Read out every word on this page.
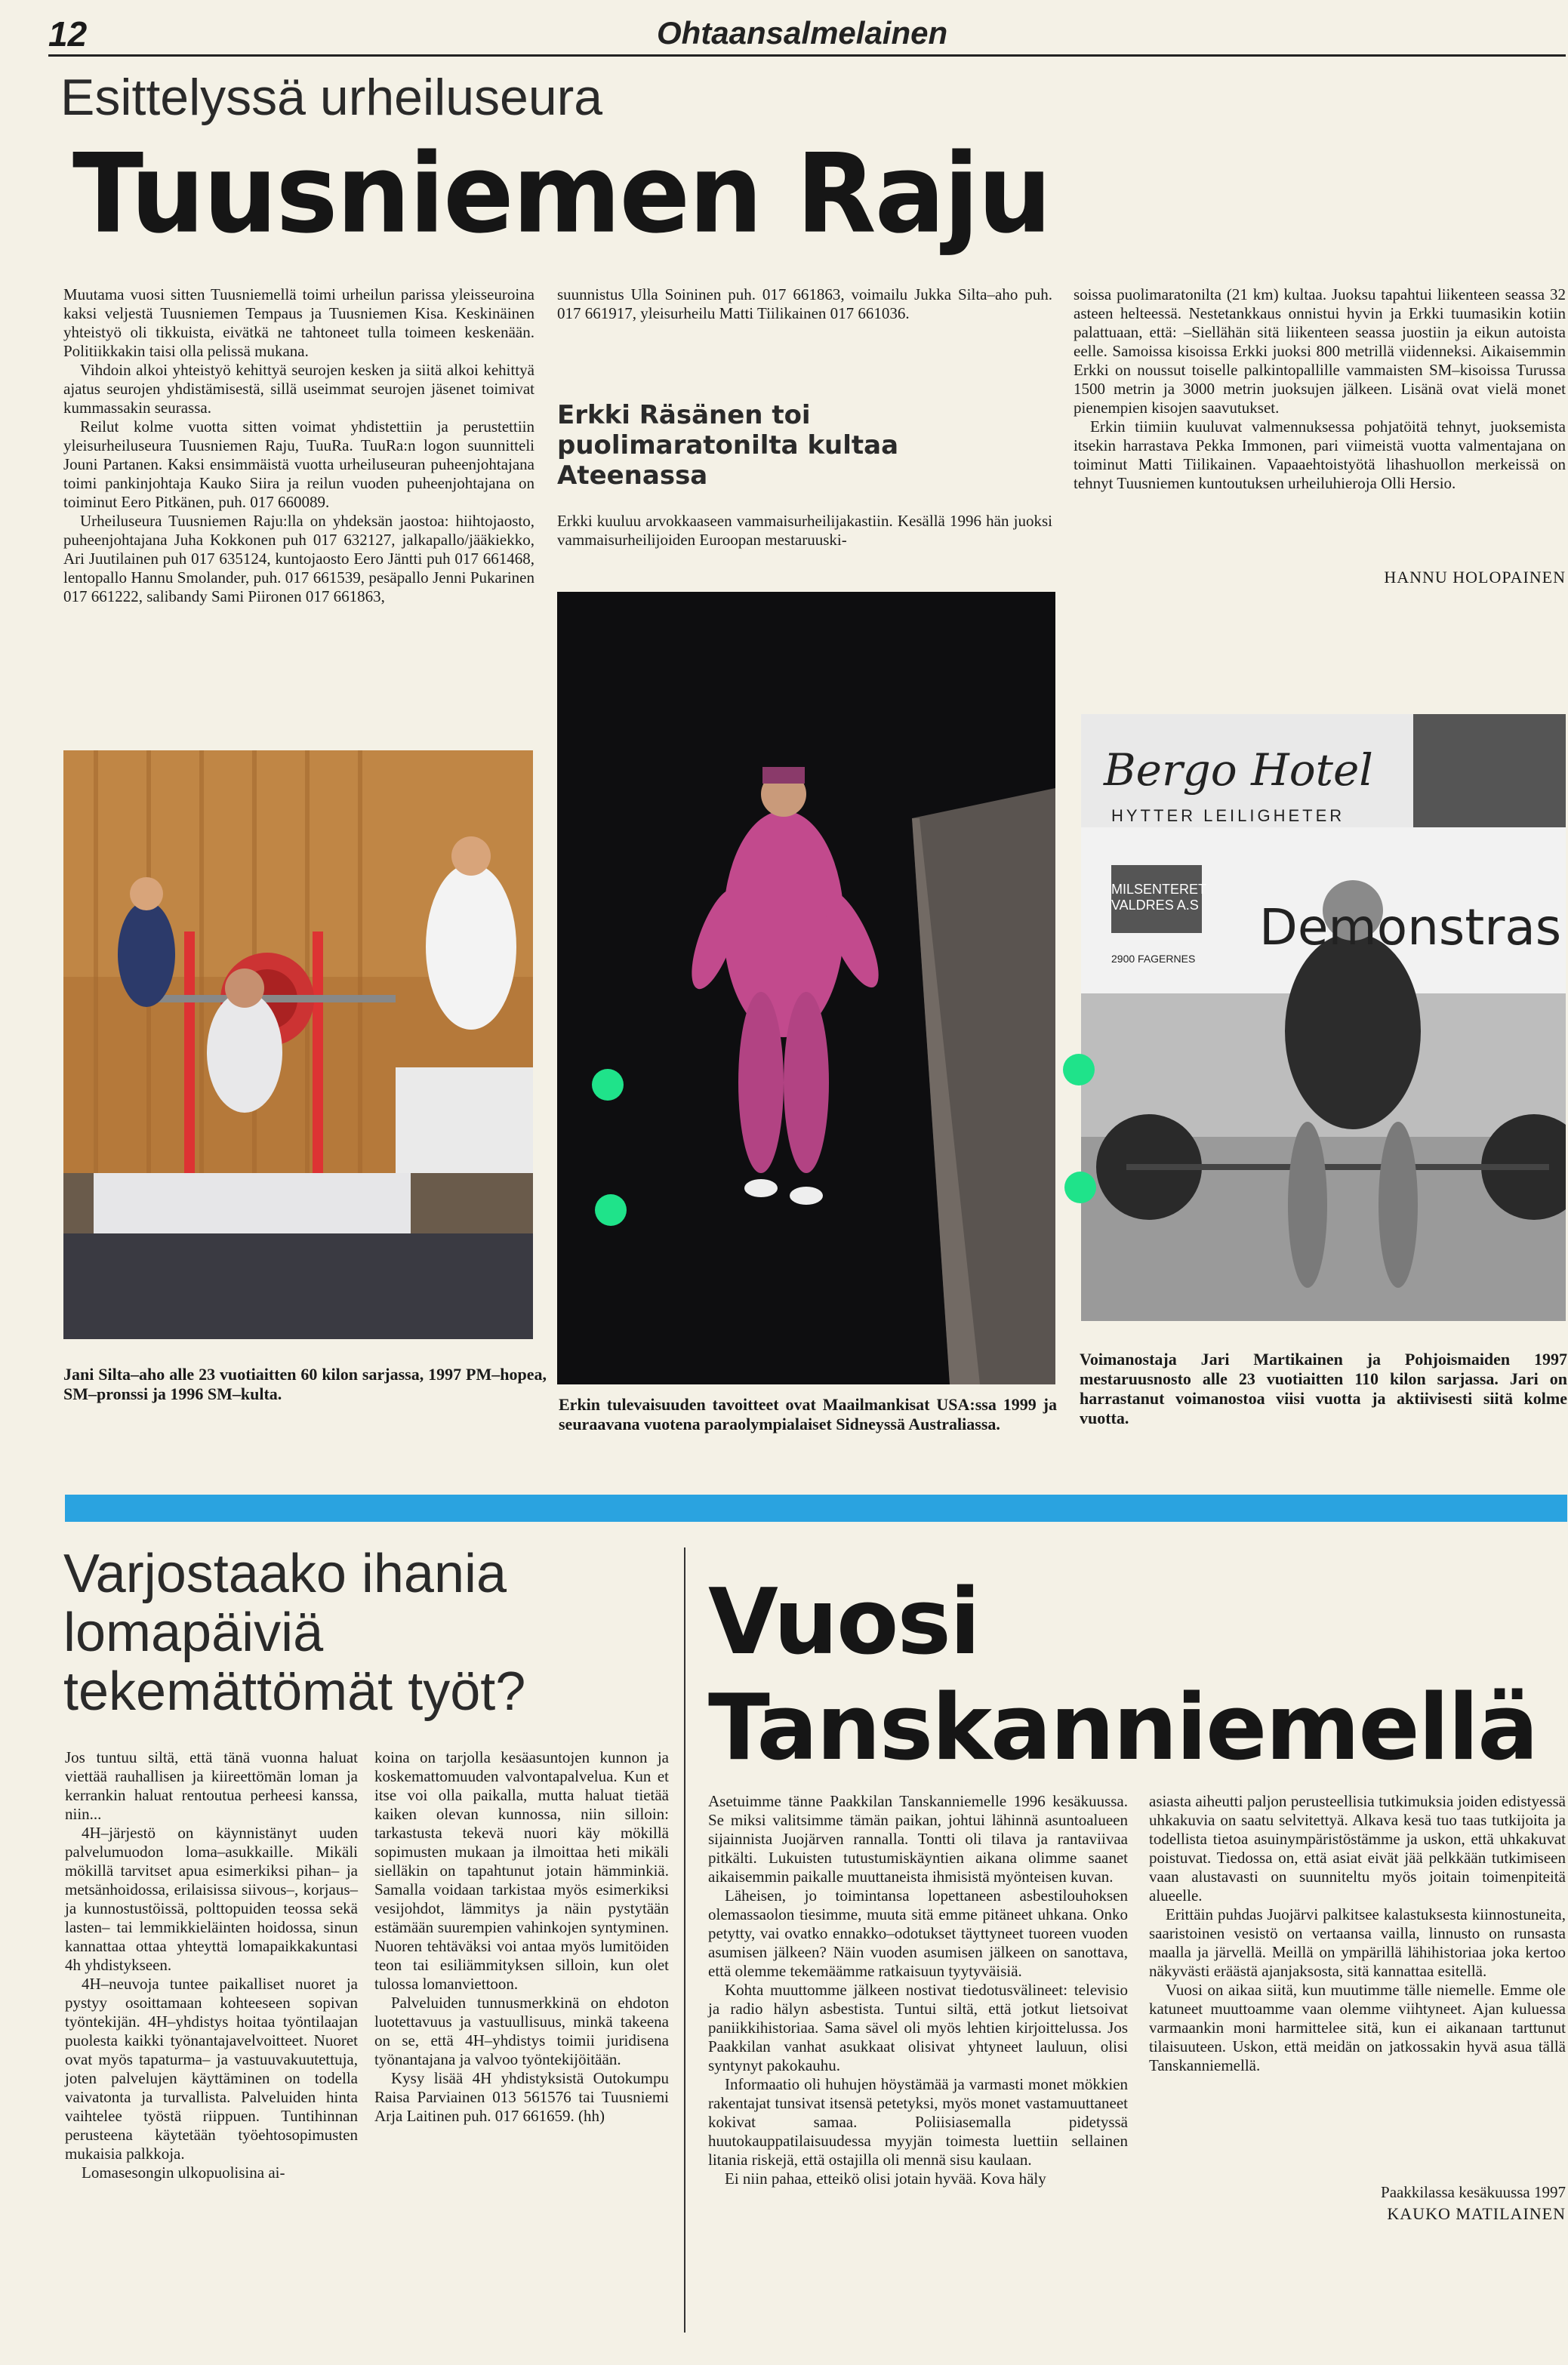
12	Ohtaansalmelainen
Esittelyssä urheiluseura
Tuusniemen Raju

Muutama vuosi sitten Tuusniemellä toimi urheilun parissa yleisseuroina kaksi veljestä Tuusniemen Tempaus ja Tuusniemen Kisa. Keskinäinen yhteistyö oli tikkuista, eivätkä ne tahtoneet tulla toimeen keskenään. Politiikkakin taisi olla pelissä mukana.

Vihdoin alkoi yhteistyö kehittyä seurojen kesken ja siitä alkoi kehittyä ajatus seurojen yhdistämisestä, sillä useimmat seurojen jäsenet toimivat kummassakin seurassa.

Reilut kolme vuotta sitten voimat yhdistettiin ja perustettiin yleisurheiluseura Tuusniemen Raju, TuuRa. TuuRa:n logon suunnitteli Jouni Partanen. Kaksi ensimmäistä vuotta urheiluseuran puheenjohtajana toimi pankinjohtaja Kauko Siira ja reilun vuoden puheenjohtajana on toiminut Eero Pitkänen, puh. 017 660089.

Urheiluseura Tuusniemen Raju:lla on yhdeksän jaostoa: hiihtojaosto, puheenjohtajana Juha Kokkonen puh 017 632127, jalkapallo/jääkiekko, Ari Juutilainen puh 017 635124, kuntojaosto Eero Jäntti puh 017 661468, lentopallo Hannu Smolander, puh. 017 661539, pesäpallo Jenni Pukarinen 017 661222, salibandy Sami Piironen 017 661863,

suunnistus Ulla Soininen puh. 017 661863, voimailu Jukka Silta–aho puh. 017 661917, yleisurheilu Matti Tiilikainen 017 661036.

Erkki Räsänen toi puolimaratonilta kultaa Ateenassa

Erkki kuuluu arvokkaaseen vammaisurheilijakastiin. Kesällä 1996 hän juoksi vammaisurheilijoiden Euroopan mestaruuski-

soissa puolimaratonilta (21 km) kultaa. Juoksu tapahtui liikenteen seassa 32 asteen helteessä. Nestetankkaus onnistui hyvin ja Erkki tuumasikin kotiin palattuaan, että: –Siellähän sitä liikenteen seassa juostiin ja eikun autoista eelle. Samoissa kisoissa Erkki juoksi 800 metrillä viidenneksi. Aikaisemmin Erkki on noussut toiselle palkintopallille vammaisten SM–kisoissa Turussa 1500 metrin ja 3000 metrin juoksujen jälkeen. Lisänä ovat vielä monet pienempien kisojen saavutukset.

Erkin tiimiin kuuluvat valmennuksessa pohjatöitä tehnyt, juoksemista itsekin harrastava Pekka Immonen, pari viimeistä vuotta valmentajana on toiminut Matti Tiilikainen. Vapaaehtoistyötä lihashuollon merkeissä on tehnyt Tuusniemen kuntoutuksen urheiluhieroja Olli Hersio.

HANNU HOLOPAINEN
Bergo Hotel
HYTTER LEILIGHETER
MILSENTERET VALDRES A.S
2900 FAGERNES
Demonstras
Jani Silta–aho alle 23 vuotiaitten 60 kilon sarjassa, 1997 PM–hopea, SM–pronssi ja 1996 SM–kulta.
Erkin tulevaisuuden tavoitteet ovat Maailmankisat USA:ssa 1999 ja seuraavana vuotena paraolympialaiset Sidneyssä Australiassa.
Voimanostaja Jari Martikainen ja Pohjoismaiden 1997 mestaruusnosto alle 23 vuotiaitten 110 kilon sarjassa. Jari on harrastanut voimanostoa viisi vuotta ja aktiivisesti siitä kolme vuotta.
Varjostaako ihania
lomapäiviä
tekemättömät työt?

Jos tuntuu siltä, että tänä vuonna haluat viettää rauhallisen ja kiireettömän loman ja kerrankin haluat rentoutua perheesi kanssa, niin...

4H–järjestö on käynnistänyt uuden palvelumuodon loma–asukkaille. Mikäli mökillä tarvitset apua esimerkiksi pihan– ja metsänhoidossa, erilaisissa siivous–, korjaus– ja kunnostustöissä, polttopuiden teossa sekä lasten– tai lemmikkieläinten hoidossa, sinun kannattaa ottaa yhteyttä lomapaikkakuntasi 4h yhdistykseen.

4H–neuvoja tuntee paikalliset nuoret ja pystyy osoittamaan kohteeseen sopivan työntekijän. 4H–yhdistys hoitaa työntilaajan puolesta kaikki työnantajavelvoitteet. Nuoret ovat myös tapaturma– ja vastuuvakuutettuja, joten palvelujen käyttäminen on todella vaivatonta ja turvallista. Palveluiden hinta vaihtelee työstä riippuen. Tuntihinnan perusteena käytetään työehtosopimusten mukaisia palkkoja.

Lomasesongin ulkopuolisina ai-

koina on tarjolla kesäasuntojen kunnon ja koskemattomuuden valvontapalvelua. Kun et itse voi olla paikalla, mutta haluat tietää kaiken olevan kunnossa, niin silloin: tarkastusta tekevä nuori käy mökillä sopimusten mukaan ja ilmoittaa heti mikäli sielläkin on tapahtunut jotain hämminkiä. Samalla voidaan tarkistaa myös esimerkiksi vesijohdot, lämmitys ja näin pystytään estämään suurempien vahinkojen syntyminen. Nuoren tehtäväksi voi antaa myös lumitöiden teon tai esiliämmityksen silloin, kun olet tulossa lomanviettoon.

Palveluiden tunnusmerkkinä on ehdoton luotettavuus ja vastuullisuus, minkä takeena on se, että 4H–yhdistys toimii juridisena työnantajana ja valvoo työntekijöitään.

Kysy lisää 4H yhdistyksistä Outokumpu Raisa Parviainen 013 561576 tai Tuusniemi Arja Laitinen puh. 017 661659. (hh)

Vuosi
Tanskanniemellä

Asetuimme tänne Paakkilan Tanskanniemelle 1996 kesäkuussa. Se miksi valitsimme tämän paikan, johtui lähinnä asuntoalueen sijainnista Juojärven rannalla. Tontti oli tilava ja rantaviivaa pitkälti. Lukuisten tutustumiskäyntien aikana olimme saanet aikaisemmin paikalle muuttaneista ihmisistä myönteisen kuvan.

Läheisen, jo toimintansa lopettaneen asbestilouhoksen olemassaolon tiesimme, muuta sitä emme pitäneet uhkana. Onko petytty, vai ovatko ennakko–odotukset täyttyneet tuoreen vuoden asumisen jälkeen? Näin vuoden asumisen jälkeen on sanottava, että olemme tekemäämme ratkaisuun tyytyväisiä.

Kohta muuttomme jälkeen nostivat tiedotusvälineet: televisio ja radio hälyn asbestista. Tuntui siltä, että jotkut lietsoivat paniikkihistoriaa. Sama sävel oli myös lehtien kirjoittelussa. Jos Paakkilan vanhat asukkaat olisivat yhtyneet lauluun, olisi syntynyt pakokauhu.

Informaatio oli huhujen höystämää ja varmasti monet mökkien rakentajat tunsivat itsensä petetyksi, myös monet vastamuuttaneet kokivat samaa. Poliisiasemalla pidetyssä huutokauppatilaisuudessa myyjän toimesta luettiin sellainen litania riskejä, että ostajilla oli mennä sisu kaulaan.

Ei niin pahaa, etteikö olisi jotain hyvää. Kova häly

asiasta aiheutti paljon perusteellisia tutkimuksia joiden edistyessä uhkakuvia on saatu selvitettyä. Alkava kesä tuo taas tutkijoita ja todellista tietoa asuinympäristöstämme ja uskon, että uhkakuvat poistuvat. Tiedossa on, että asiat eivät jää pelkkään tutkimiseen vaan alustavasti on suunniteltu myös joitain toimenpiteitä alueelle.

Erittäin puhdas Juojärvi palkitsee kalastuksesta kiinnostuneita, saaristoinen vesistö on vertaansa vailla, linnusto on runsasta maalla ja järvellä. Meillä on ympärillä lähihistoriaa joka kertoo näkyvästi eräästä ajanjaksosta, sitä kannattaa esitellä.

Vuosi on aikaa siitä, kun muutimme tälle niemelle. Emme ole katuneet muuttoamme vaan olemme viihtyneet. Ajan kuluessa varmaankin moni harmittelee sitä, kun ei aikanaan tarttunut tilaisuuteen. Uskon, että meidän on jatkossakin hyvä asua tällä Tanskanniemellä.

Paakkilassa kesäkuussa 1997
KAUKO MATILAINEN
